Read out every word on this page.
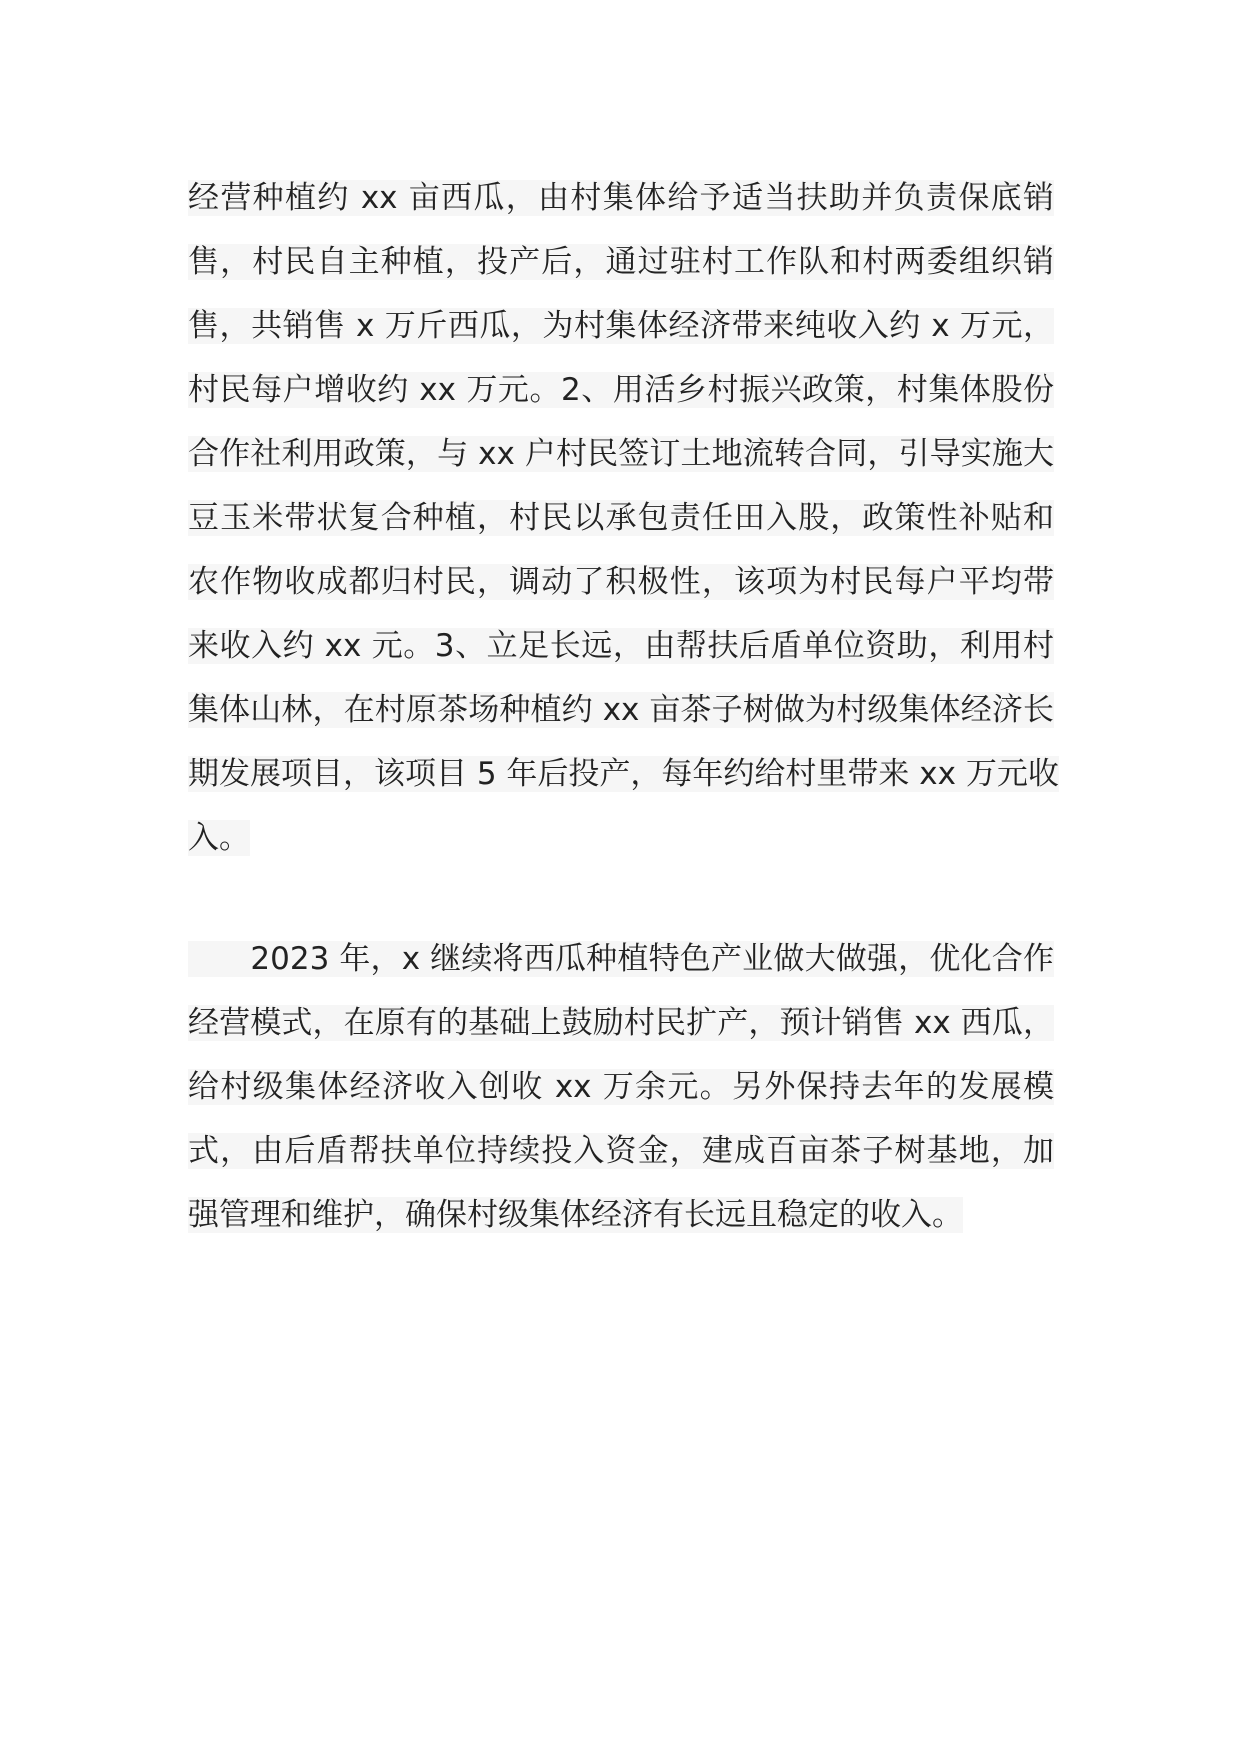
经营种植约 xx 亩西瓜，由村集体给予适当扶助并负责保底销
售，村民自主种植，投产后，通过驻村工作队和村两委组织销
售，共销售 x 万斤西瓜，为村集体经济带来纯收入约 x 万元，
村民每户增收约 xx 万元。2、用活乡村振兴政策，村集体股份
合作社利用政策，与 xx 户村民签订土地流转合同，引导实施大
豆玉米带状复合种植，村民以承包责任田入股，政策性补贴和
农作物收成都归村民，调动了积极性，该项为村民每户平均带
来收入约 xx 元。3、立足长远，由帮扶后盾单位资助，利用村
集体山林，在村原茶场种植约 xx 亩茶子树做为村级集体经济长
期发展项目，该项目 5 年后投产，每年约给村里带来 xx 万元收
入。
　　2023 年，x 继续将西瓜种植特色产业做大做强，优化合作
经营模式，在原有的基础上鼓励村民扩产，预计销售 xx 西瓜，
给村级集体经济收入创收 xx 万余元。另外保持去年的发展模
式，由后盾帮扶单位持续投入资金，建成百亩茶子树基地，加
强管理和维护，确保村级集体经济有长远且稳定的收入。
